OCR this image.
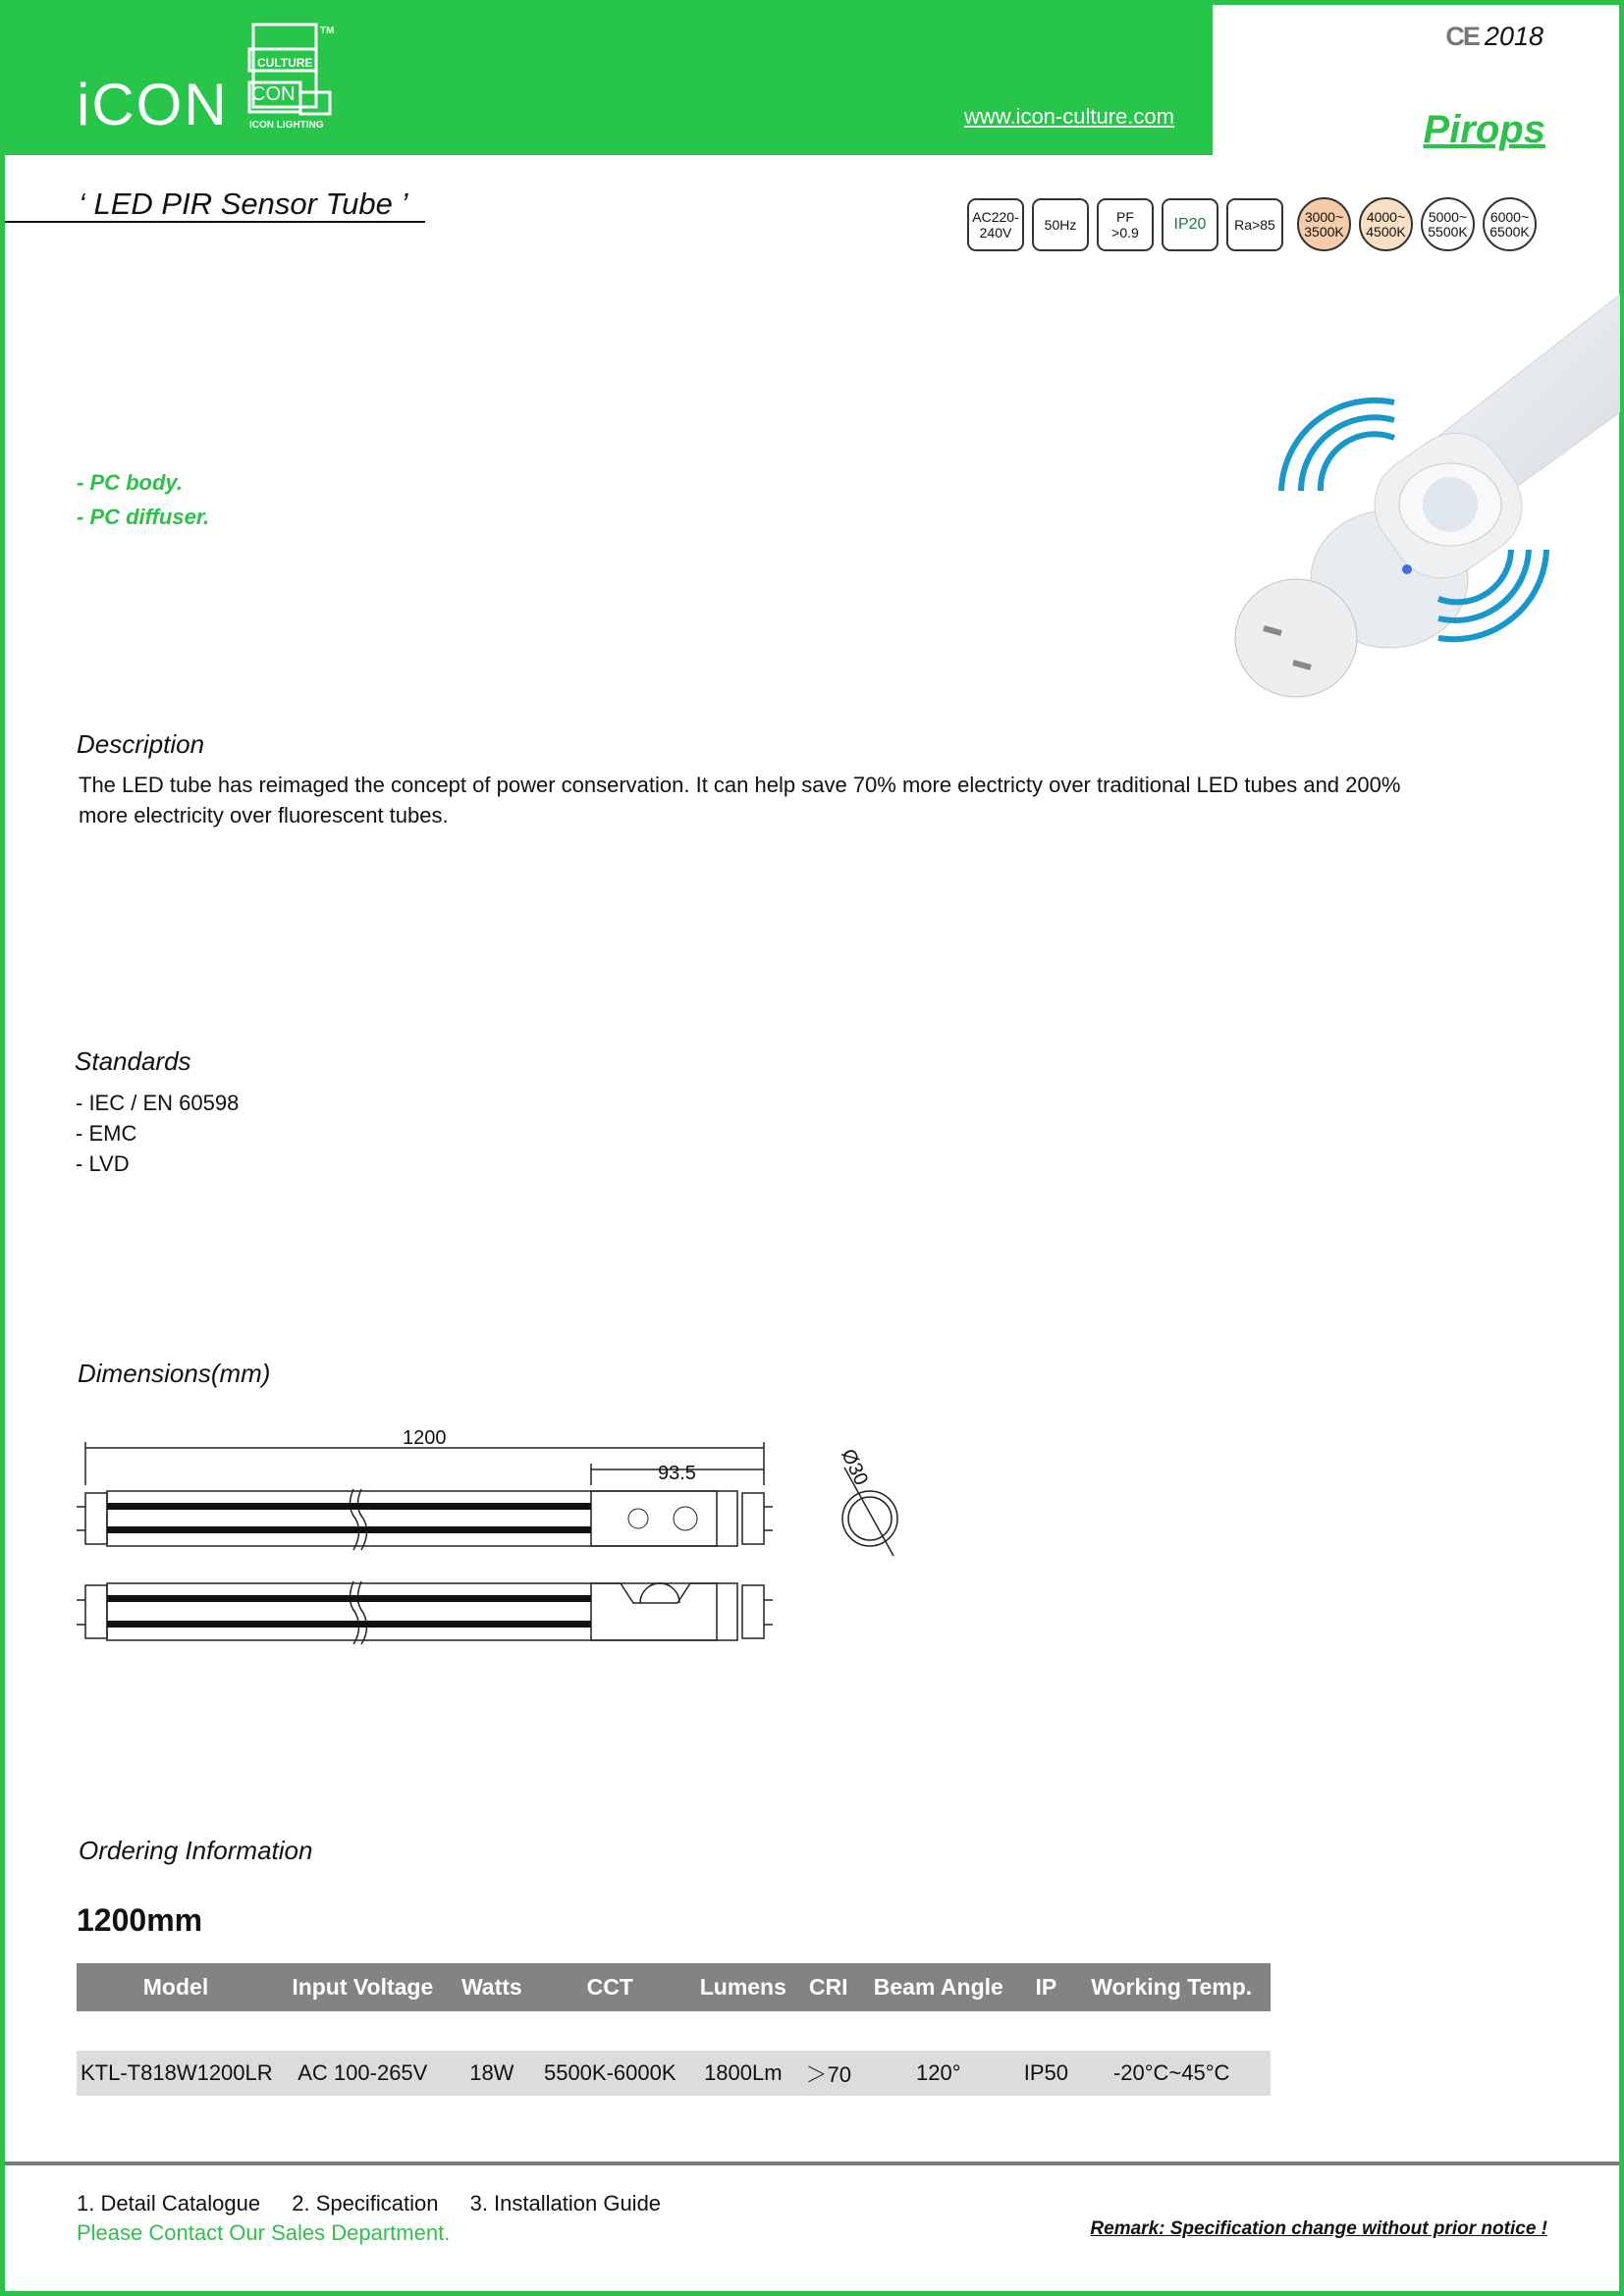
iCON
CULTURE
CON
ICON LIGHTING
TM
www.icon-culture.com
CE 2018
Pirops
‘ LED PIR Sensor Tube ’	AC220-
240V	50Hz	PF
>0.9 IP20 Ra>85 3000~
3500K
4000~
4500K
5000~
5500K
6000~
6500K
- PC body.
- PC diffuser.
Description
The LED tube has reimaged the concept of power conservation. It can help save 70% more electricty over traditional LED tubes and 200% more electricity over fluorescent tubes.
Standards
- IEC / EN 60598
- EMC
- LVD
Dimensions(mm)
1200
93.5	Ø30
Ordering Information
1200mm
Model	Input Voltage	Watts	CCT	Lumens	CRI	Beam Angle	IP	Working Temp.

KTL-T818W1200LR	AC 100-265V	18W	5500K-6000K	1800Lm	＞70	120°	IP50	-20°C~45°C
1. Detail Catalogue 2. Specification 3. Installation Guide
Please Contact Our Sales Department.	Remark: Specification change without prior notice !
